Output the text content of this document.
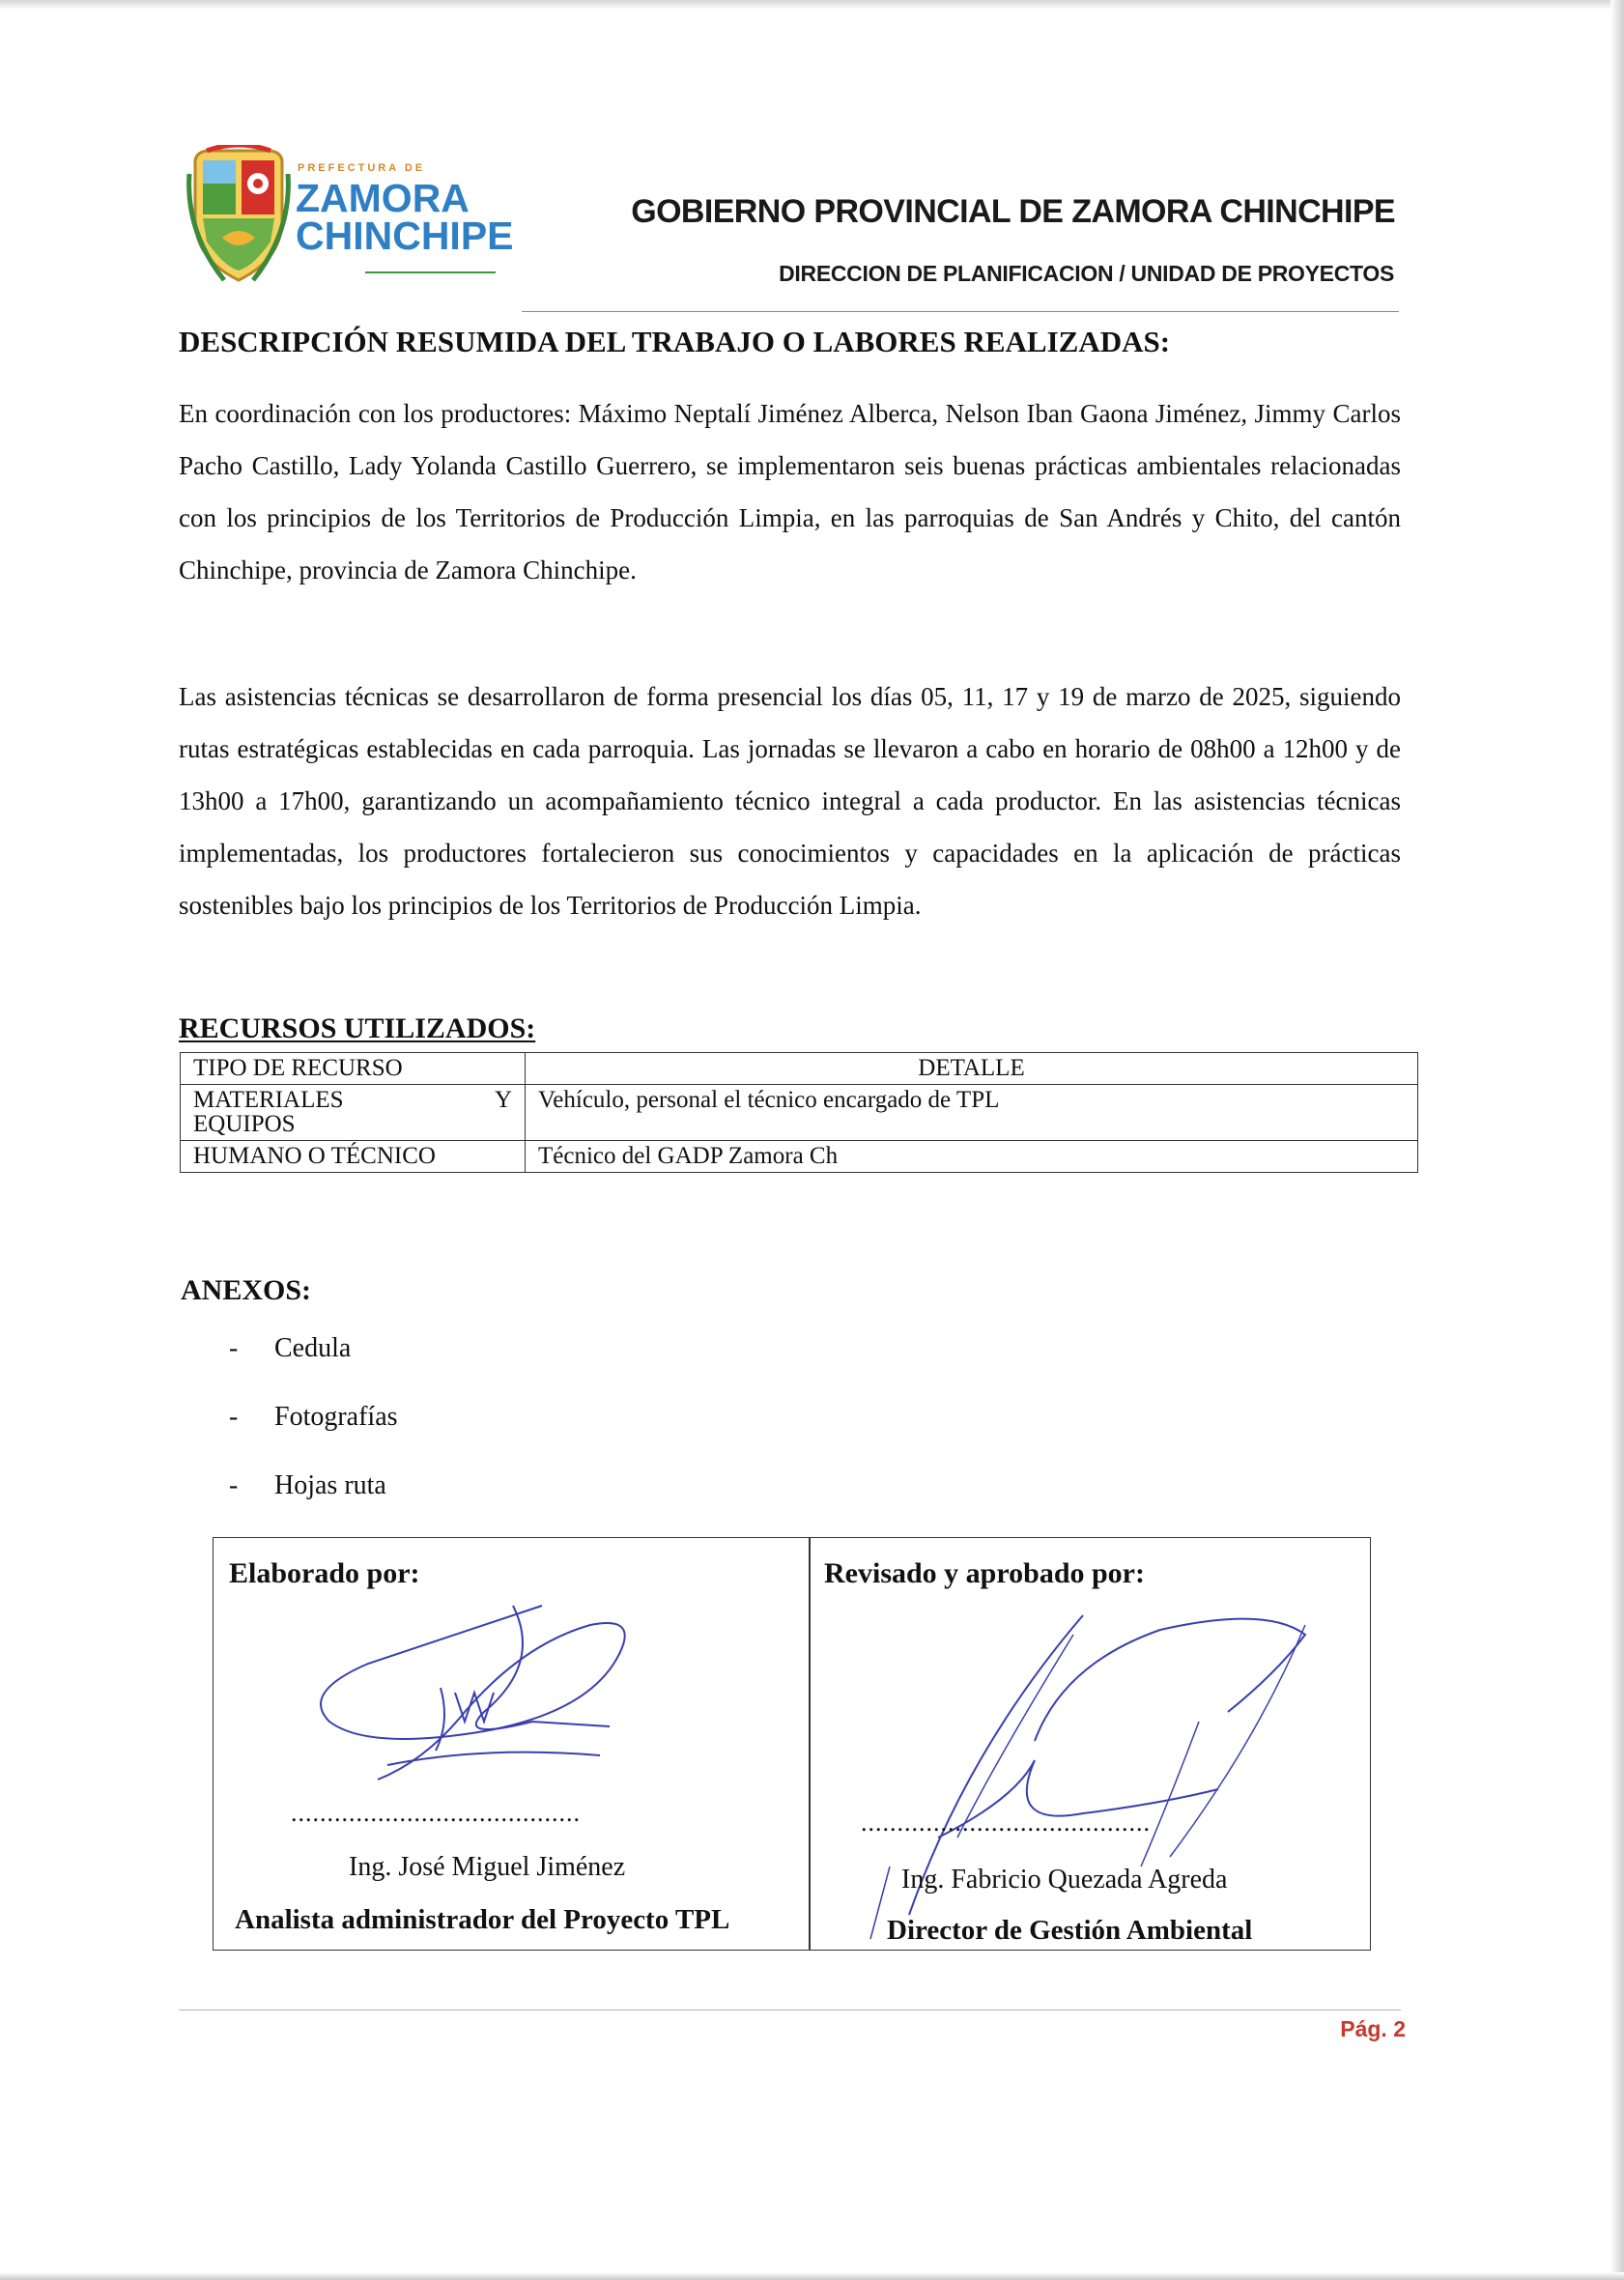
PREFECTURA DE
ZAMORA
CHINCHIPE
GOBIERNO PROVINCIAL DE ZAMORA CHINCHIPE
DIRECCION DE PLANIFICACION / UNIDAD DE PROYECTOS
DESCRIPCIÓN RESUMIDA DEL TRABAJO O LABORES REALIZADAS:

En coordinación con los productores: Máximo Neptalí Jiménez Alberca, Nelson Iban Gaona Jiménez, Jimmy Carlos Pacho Castillo, Lady Yolanda Castillo Guerrero, se implementaron seis buenas prácticas ambientales relacionadas con los principios de los Territorios de Producción Limpia, en las parroquias de San Andrés y Chito, del cantón Chinchipe, provincia de Zamora Chinchipe.

Las asistencias técnicas se desarrollaron de forma presencial los días 05, 11, 17 y 19 de marzo de 2025, siguiendo rutas estratégicas establecidas en cada parroquia. Las jornadas se llevaron a cabo en horario de 08h00 a 12h00 y de 13h00 a 17h00, garantizando un acompañamiento técnico integral a cada productor. En las asistencias técnicas implementadas, los productores fortalecieron sus conocimientos y capacidades en la aplicación de prácticas sostenibles bajo los principios de los Territorios de Producción Limpia.

RECURSOS UTILIZADOS:
TIPO DE RECURSO	DETALLE

MATERIALES Y
EQUIPOS	Vehículo, personal el técnico encargado de TPL
HUMANO O TÉCNICO	Técnico del GADP Zamora Ch
ANEXOS:
- Cedula
- Fotografías
- Hojas ruta
Elaborado por:
........................................
Ing. José Miguel Jiménez
Analista administrador del Proyecto TPL
Revisado y aprobado por:
........................................
Ing. Fabricio Quezada Agreda
Director de Gestión Ambiental
Pág. 2
